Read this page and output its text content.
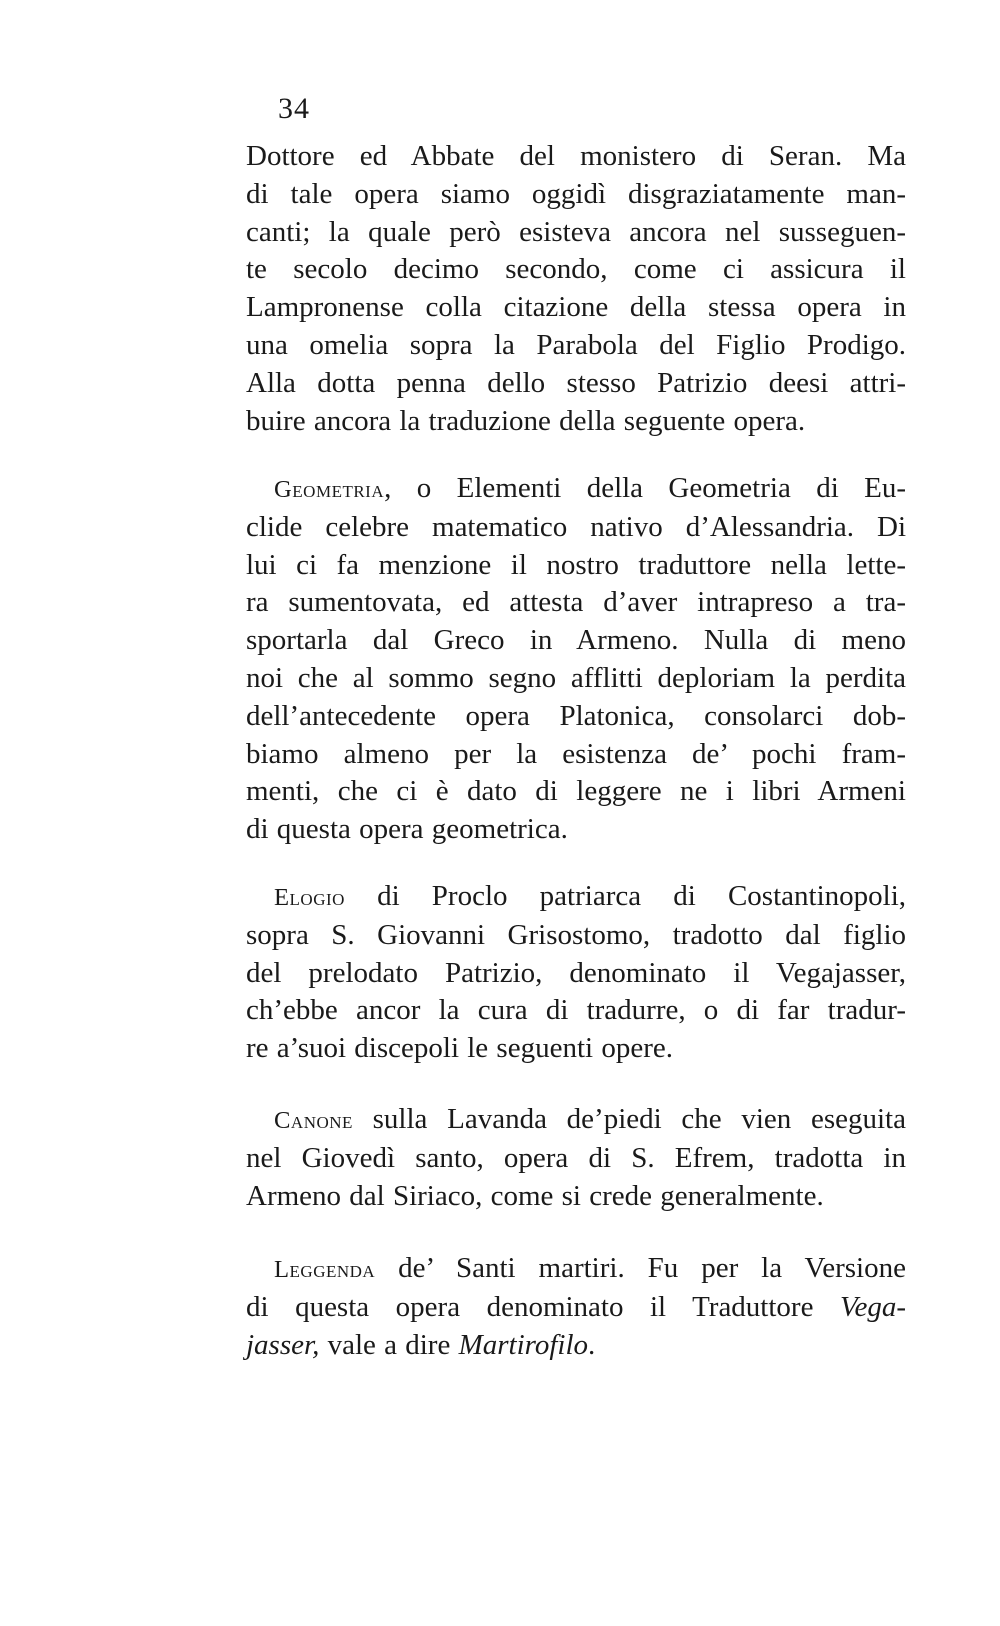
34
Dottore ed Abbate del monistero di Seran. Ma
di tale opera siamo oggidì disgraziatamente man-
canti; la quale però esisteva ancora nel susseguen-
te secolo decimo secondo, come ci assicura il
Lampronense colla citazione della stessa opera in
una omelia sopra la Parabola del Figlio Prodigo.
Alla dotta penna dello stesso Patrizio deesi attri-
buire ancora la traduzione della seguente opera.
Geometria, o Elementi della Geometria di Eu-
clide celebre matematico nativo d’Alessandria. Di
lui ci fa menzione il nostro traduttore nella lette-
ra sumentovata, ed attesta d’aver intrapreso a tra-
sportarla dal Greco in Armeno. Nulla di meno
noi che al sommo segno afflitti deploriam la perdita
dell’antecedente opera Platonica, consolarci dob-
biamo almeno per la esistenza de’ pochi fram-
menti, che ci è dato di leggere ne i libri Armeni
di questa opera geometrica.
Elogio di Proclo patriarca di Costantinopoli,
sopra S. Giovanni Grisostomo, tradotto dal figlio
del prelodato Patrizio, denominato il Vegajasser,
ch’ebbe ancor la cura di tradurre, o di far tradur-
re a’suoi discepoli le seguenti opere.
Canone sulla Lavanda de’piedi che vien eseguita
nel Giovedì santo, opera di S. Efrem, tradotta in
Armeno dal Siriaco, come si crede generalmente.
Leggenda de’ Santi martiri. Fu per la Versione
di questa opera denominato il Traduttore Vega-
jasser, vale a dire Martirofilo.
